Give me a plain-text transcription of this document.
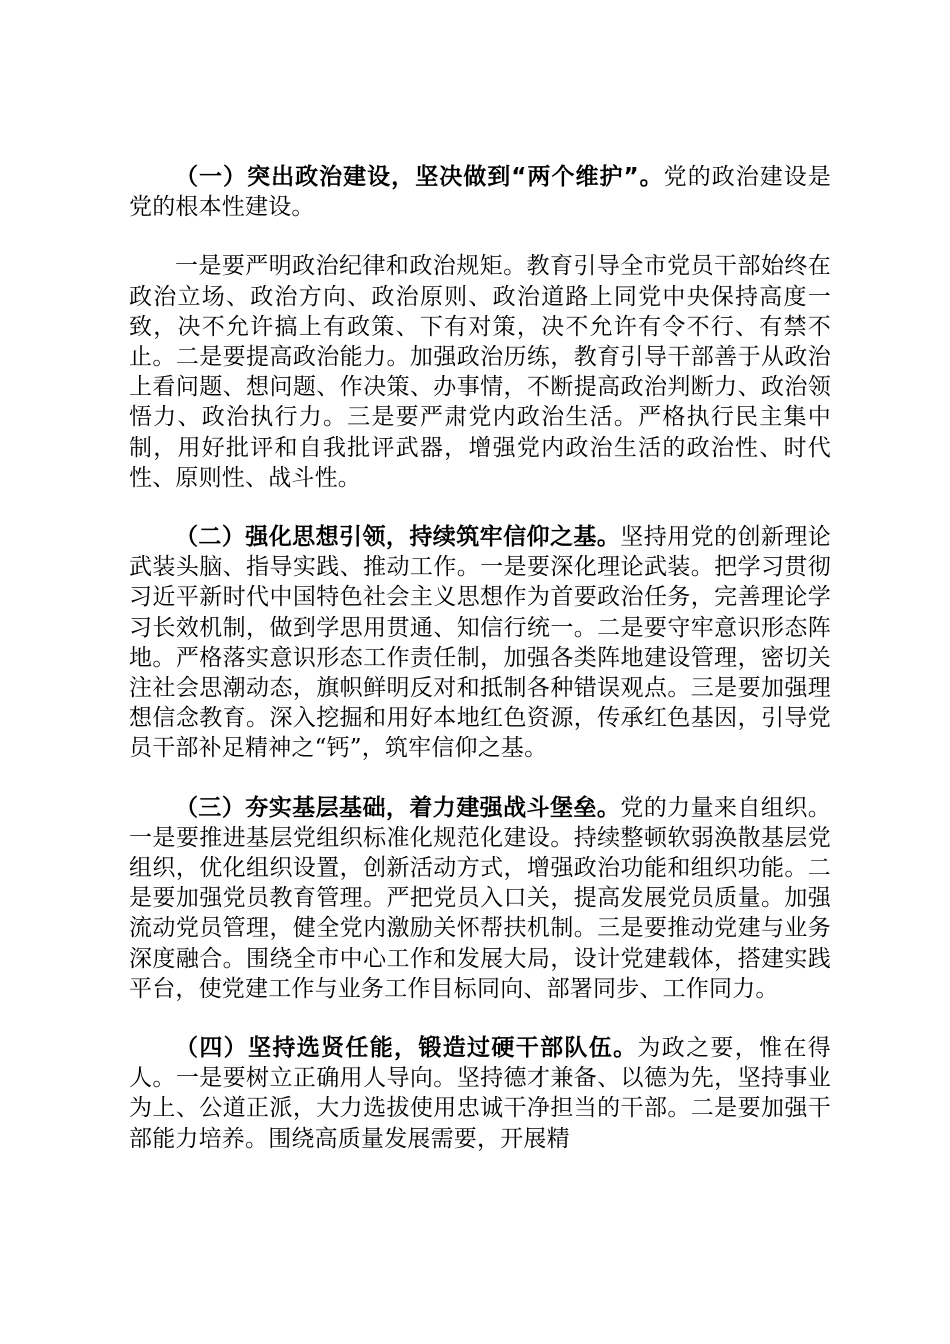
（一）突出政治建设，坚决做到“两个维护”。党的政治建设是党的根本性建设。

一是要严明政治纪律和政治规矩。教育引导全市党员干部始终在政治立场、政治方向、政治原则、政治道路上同党中央保持高度一致，决不允许搞上有政策、下有对策，决不允许有令不行、有禁不止。二是要提高政治能力。加强政治历练，教育引导干部善于从政治上看问题、想问题、作决策、办事情，不断提高政治判断力、政治领悟力、政治执行力。三是要严肃党内政治生活。严格执行民主集中制，用好批评和自我批评武器，增强党内政治生活的政治性、时代性、原则性、战斗性。

（二）强化思想引领，持续筑牢信仰之基。坚持用党的创新理论武装头脑、指导实践、推动工作。一是要深化理论武装。把学习贯彻习近平新时代中国特色社会主义思想作为首要政治任务，完善理论学习长效机制，做到学思用贯通、知信行统一。二是要守牢意识形态阵地。严格落实意识形态工作责任制，加强各类阵地建设管理，密切关注社会思潮动态，旗帜鲜明反对和抵制各种错误观点。三是要加强理想信念教育。深入挖掘和用好本地红色资源，传承红色基因，引导党员干部补足精神之“钙”，筑牢信仰之基。

（三）夯实基层基础，着力建强战斗堡垒。党的力量来自组织。一是要推进基层党组织标准化规范化建设。持续整顿软弱涣散基层党组织，优化组织设置，创新活动方式，增强政治功能和组织功能。二是要加强党员教育管理。严把党员入口关，提高发展党员质量。加强流动党员管理，健全党内激励关怀帮扶机制。三是要推动党建与业务深度融合。围绕全市中心工作和发展大局，设计党建载体，搭建实践平台，使党建工作与业务工作目标同向、部署同步、工作同力。

（四）坚持选贤任能，锻造过硬干部队伍。为政之要，惟在得人。一是要树立正确用人导向。坚持德才兼备、以德为先，坚持事业为上、公道正派，大力选拔使用忠诚干净担当的干部。二是要加强干部能力培养。围绕高质量发展需要，开展精
